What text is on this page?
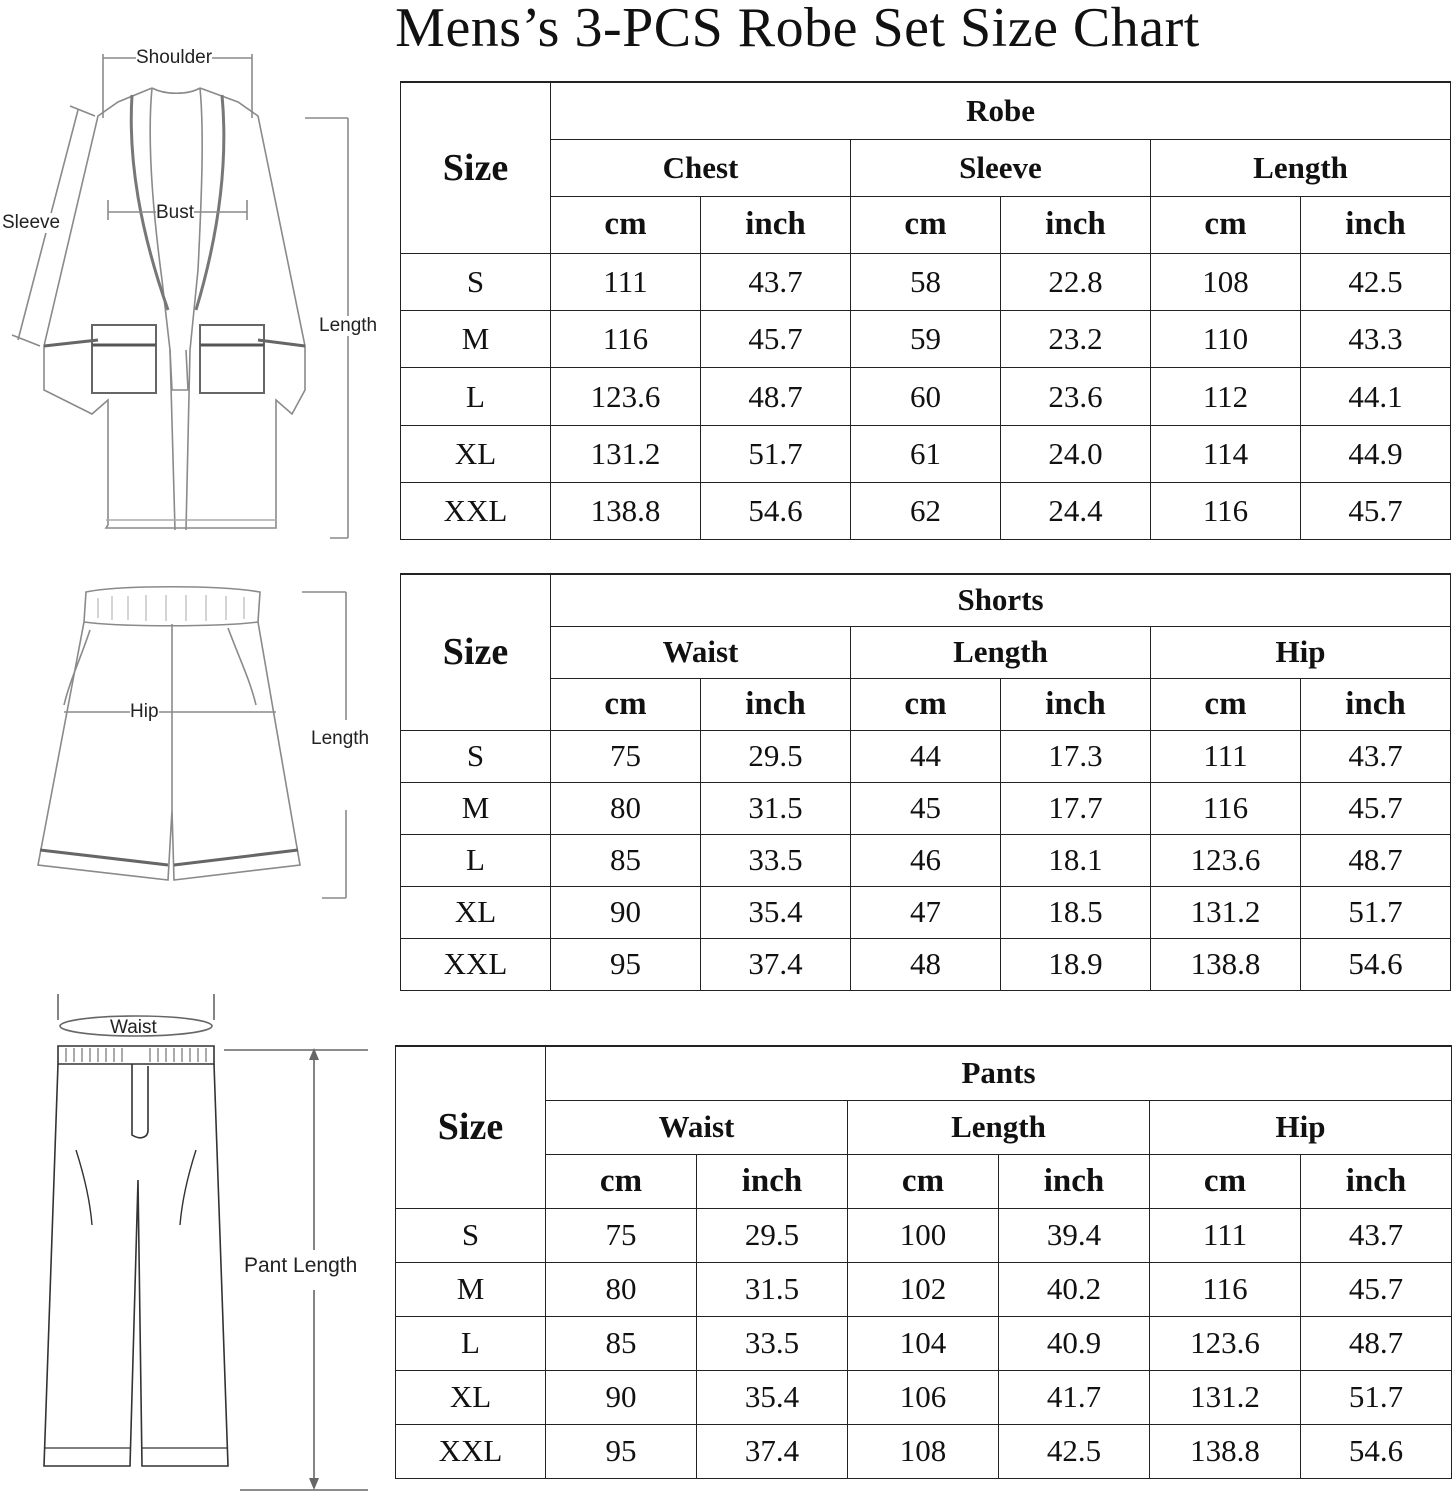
Mens’s 3-PCS Robe Set Size Chart
Shoulder
Bust
Sleeve
Length
Hip
Length
Waist
Pant Length
Size	Robe					
	Chest		Sleeve		Length	
	cm	inch	cm	inch	cm	inch
S	111	43.7	58	22.8	108	42.5
M	116	45.7	59	23.2	110	43.3
L	123.6	48.7	60	23.6	112	44.1
XL	131.2	51.7	61	24.0	114	44.9
XXL	138.8	54.6	62	24.4	116	45.7
Size	Shorts					
	Waist		Length		Hip	
	cm	inch	cm	inch	cm	inch
S	75	29.5	44	17.3	111	43.7
M	80	31.5	45	17.7	116	45.7
L	85	33.5	46	18.1	123.6	48.7
XL	90	35.4	47	18.5	131.2	51.7
XXL	95	37.4	48	18.9	138.8	54.6
Size	Pants					
	Waist		Length		Hip	
	cm	inch	cm	inch	cm	inch
S	75	29.5	100	39.4	111	43.7
M	80	31.5	102	40.2	116	45.7
L	85	33.5	104	40.9	123.6	48.7
XL	90	35.4	106	41.7	131.2	51.7
XXL	95	37.4	108	42.5	138.8	54.6
